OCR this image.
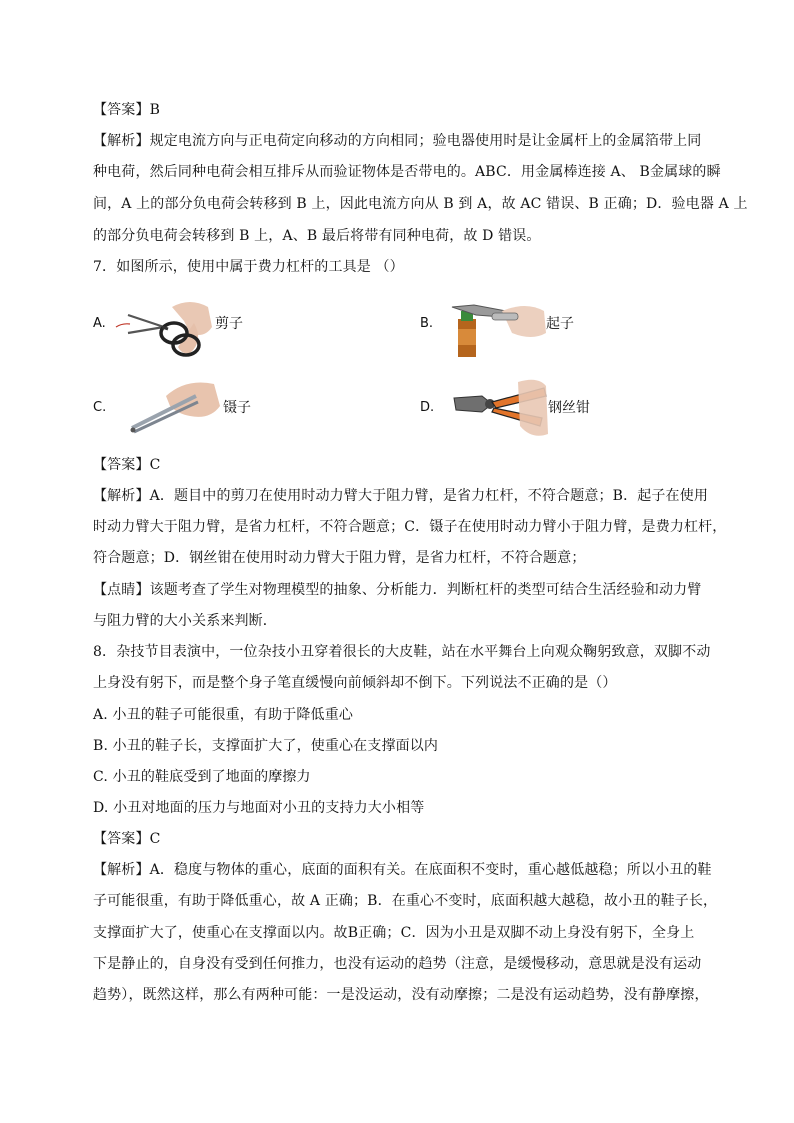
【答案】B
【解析】规定电流方向与正电荷定向移动的方向相同；验电器使用时是让金属杆上的金属箔带上同
种电荷，然后同种电荷会相互排斥从而验证物体是否带电的。ABC．用金属棒连接 A、 B金属球的瞬
间，A 上的部分负电荷会转移到 B 上，因此电流方向从 B 到 A，故 AC 错误、B 正确；D．验电器 A 上
的部分负电荷会转移到 B 上，A、B 最后将带有同种电荷，故 D 错误。
7．如图所示，使用中属于费力杠杆的工具是 （）
A.	剪子	B.	起子
C.	镊子	D.	钢丝钳
【答案】C
【解析】A．题目中的剪刀在使用时动力臂大于阻力臂，是省力杠杆，不符合题意；B．起子在使用
时动力臂大于阻力臂，是省力杠杆，不符合题意；C．镊子在使用时动力臂小于阻力臂，是费力杠杆，
符合题意；D．钢丝钳在使用时动力臂大于阻力臂，是省力杠杆，不符合题意；
【点睛】该题考查了学生对物理模型的抽象、分析能力．判断杠杆的类型可结合生活经验和动力臂
与阻力臂的大小关系来判断．
8．杂技节目表演中，一位杂技小丑穿着很长的大皮鞋，站在水平舞台上向观众鞠躬致意，双脚不动
上身没有躬下，而是整个身子笔直缓慢向前倾斜却不倒下。下列说法不正确的是（）
A. 小丑的鞋子可能很重，有助于降低重心
B. 小丑的鞋子长，支撑面扩大了，使重心在支撑面以内
C. 小丑的鞋底受到了地面的摩擦力
D. 小丑对地面的压力与地面对小丑的支持力大小相等
【答案】C
【解析】A．稳度与物体的重心，底面的面积有关。在底面积不变时，重心越低越稳；所以小丑的鞋
子可能很重，有助于降低重心，故 A 正确；B．在重心不变时，底面积越大越稳，故小丑的鞋子长，
支撑面扩大了，使重心在支撑面以内。故B正确；C．因为小丑是双脚不动上身没有躬下，全身上
下是静止的，自身没有受到任何推力，也没有运动的趋势（注意，是缓慢移动，意思就是没有运动
趋势），既然这样，那么有两种可能：一是没运动，没有动摩擦；二是没有运动趋势，没有静摩擦，
